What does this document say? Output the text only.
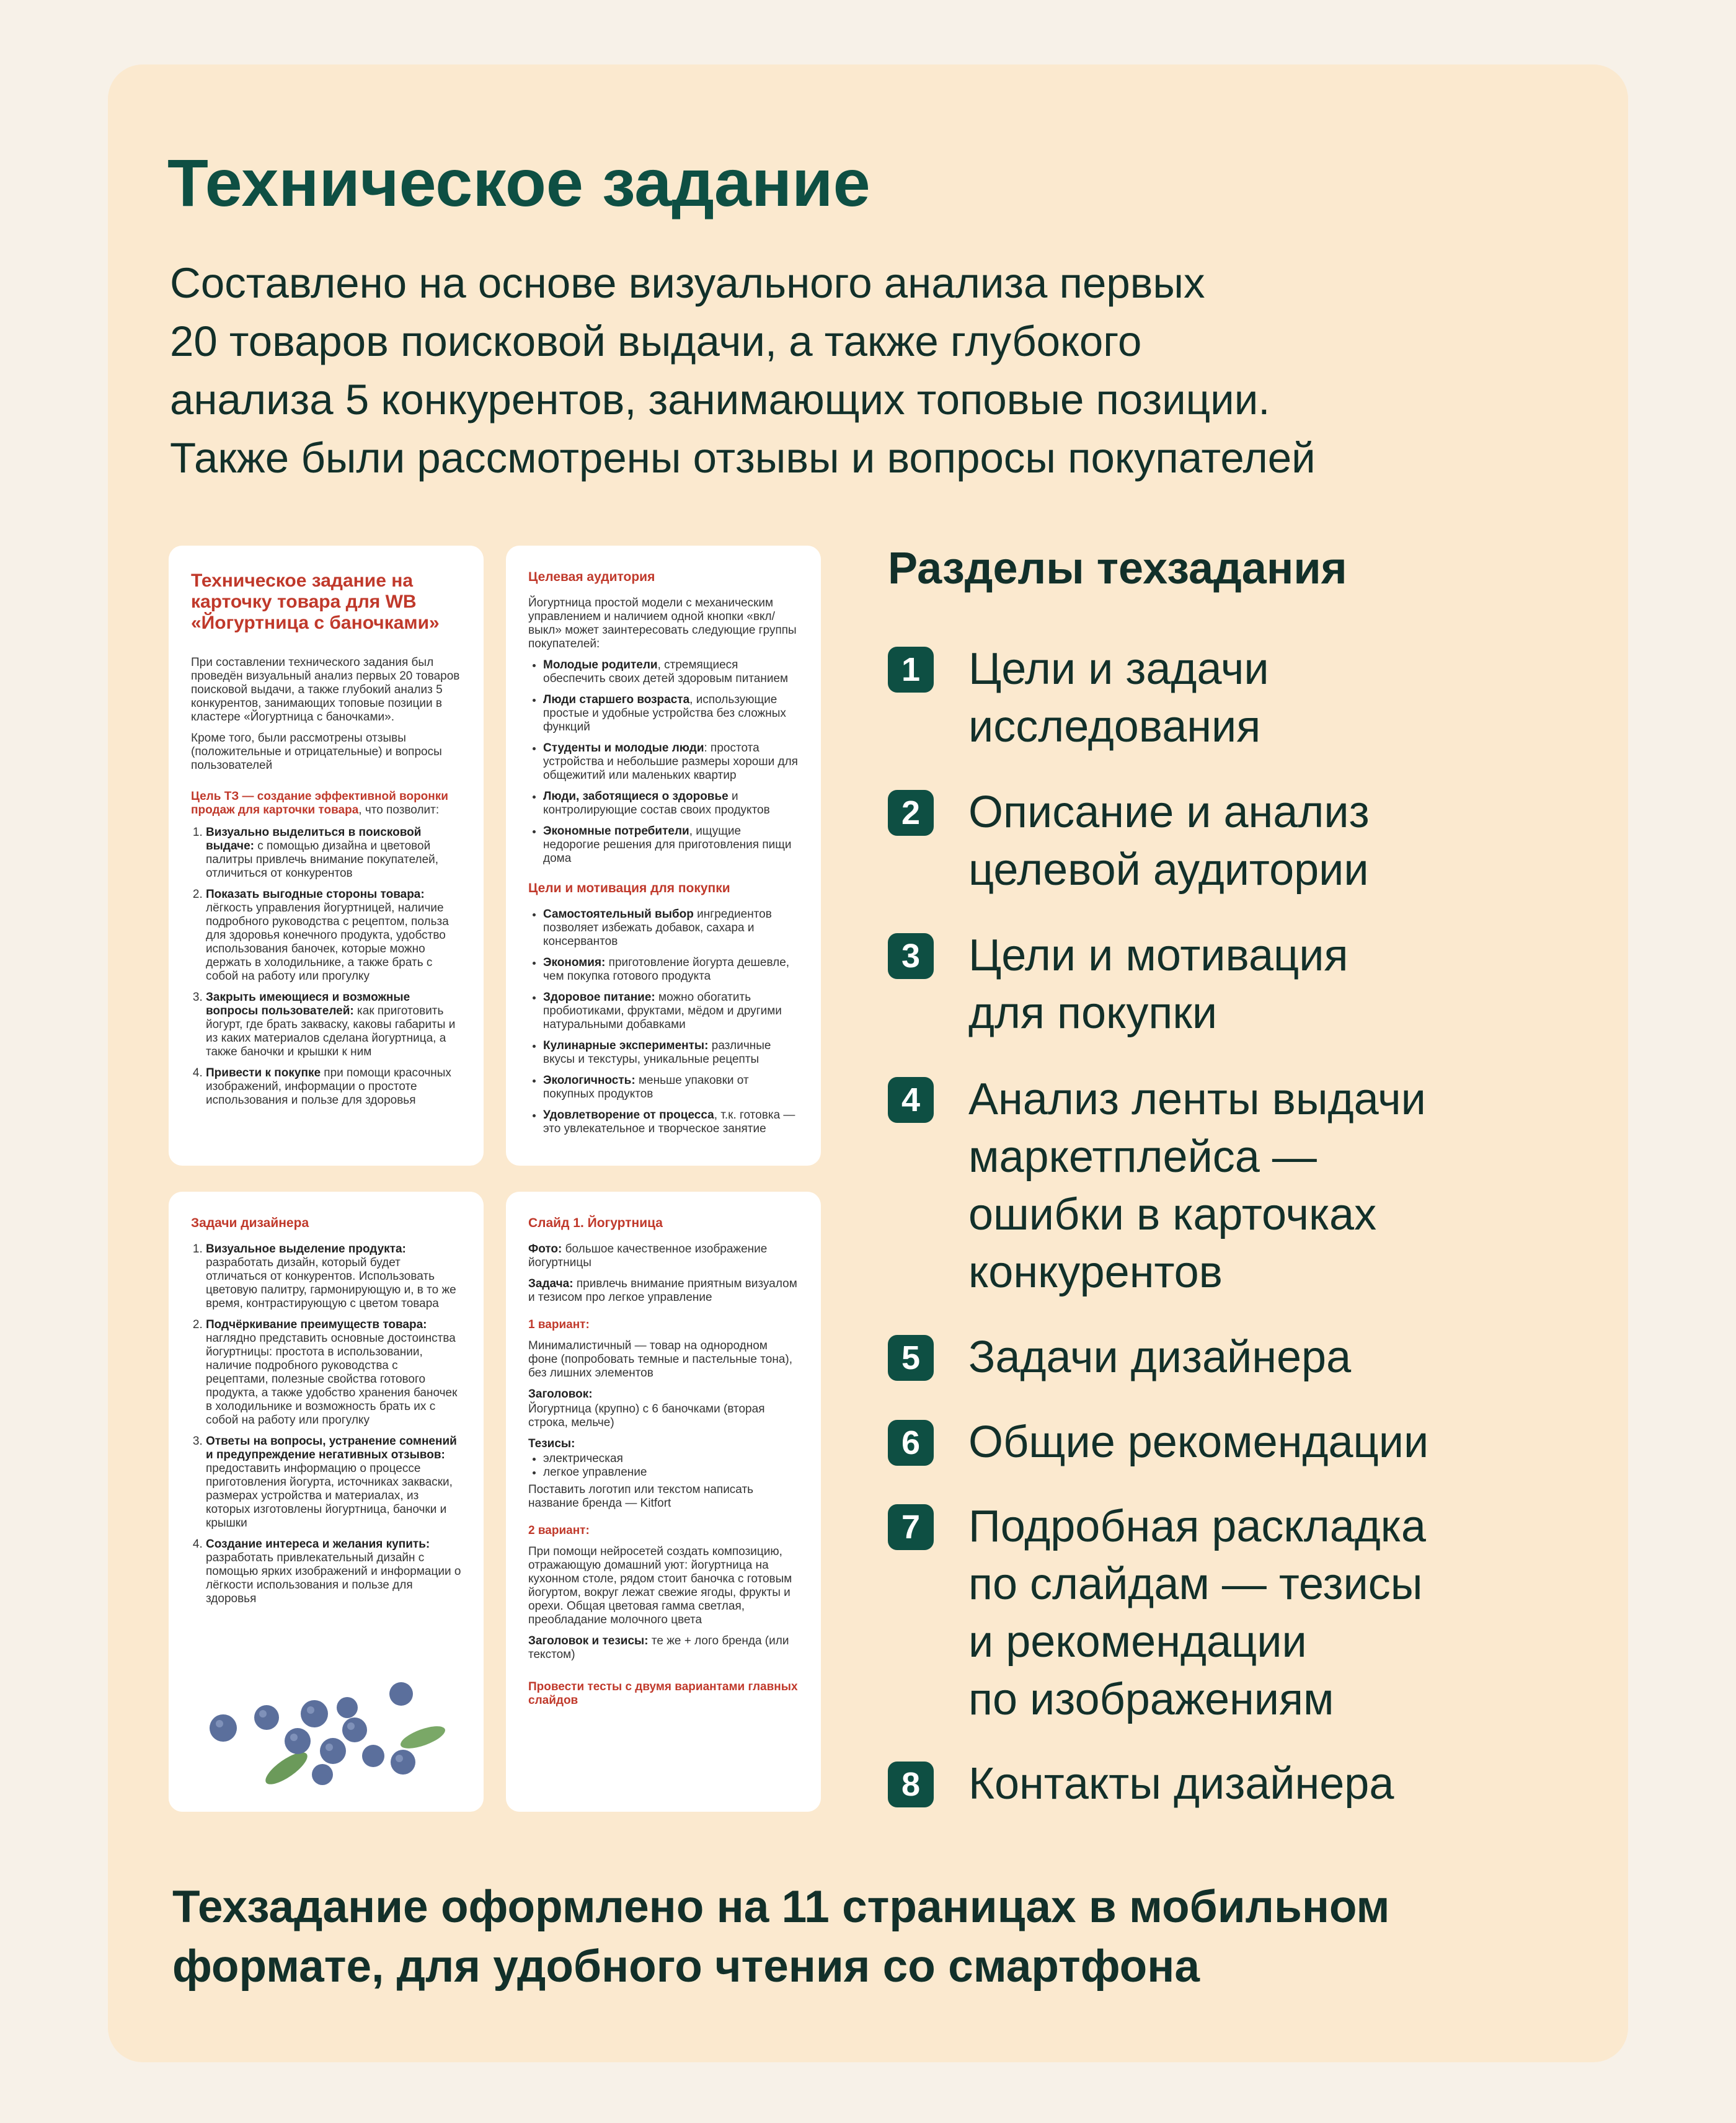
Техническое задание
Составлено на основе визуального анализа первых
20 товаров поисковой выдачи, а также глубокого
анализа 5 конкурентов, занимающих топовые позиции.
Также были рассмотрены отзывы и вопросы покупателей

Техническое задание на карточку товара для WB «Йогуртница с баночками»

При составлении технического задания был проведён визуальный анализ первых 20 товаров поисковой выдачи, а также глубокий анализ 5 конкурентов, занимающих топовые позиции в кластере «Йогуртница с баночками».

Кроме того, были рассмотрены отзывы (положительные и отрицательные) и вопросы пользователей

Цель ТЗ — создание эффективной воронки продаж для карточки товара, что позволит:

1. Визуально выделиться в поисковой выдаче: с помощью дизайна и цветовой палитры привлечь внимание покупателей, отличиться от конкурентов
2. Показать выгодные стороны товара: лёгкость управления йогуртницей, наличие подробного руководства с рецептом, польза для здоровья конечного продукта, удобство использования баночек, которые можно держать в холодильнике, а также брать с собой на работу или прогулку
3. Закрыть имеющиеся и возможные вопросы пользователей: как приготовить йогурт, где брать закваску, каковы габариты и из каких материалов сделана йогуртница, а также баночки и крышки к ним
4. Привести к покупке при помощи красочных изображений, информации о простоте использования и пользе для здоровья

Целевая аудитория

Йогуртница простой модели с механическим управлением и наличием одной кнопки «вкл/выкл» может заинтересовать следующие группы покупателей:

• Молодые родители, стремящиеся обеспечить своих детей здоровым питанием
• Люди старшего возраста, использующие простые и удобные устройства без сложных функций
• Студенты и молодые люди: простота устройства и небольшие размеры хороши для общежитий или маленьких квартир
• Люди, заботящиеся о здоровье и контролирующие состав своих продуктов
• Экономные потребители, ищущие недорогие решения для приготовления пищи дома

Цели и мотивация для покупки

• Самостоятельный выбор ингредиентов позволяет избежать добавок, сахара и консервантов
• Экономия: приготовление йогурта дешевле, чем покупка готового продукта
• Здоровое питание: можно обогатить пробиотиками, фруктами, мёдом и другими натуральными добавками
• Кулинарные эксперименты: различные вкусы и текстуры, уникальные рецепты
• Экологичность: меньше упаковки от покупных продуктов
• Удовлетворение от процесса, т.к. готовка — это увлекательное и творческое занятие

Задачи дизайнера

1. Визуальное выделение продукта: разработать дизайн, который будет отличаться от конкурентов. Использовать цветовую палитру, гармонирующую и, в то же время, контрастирующую с цветом товара
2. Подчёркивание преимуществ товара: наглядно представить основные достоинства йогуртницы: простота в использовании, наличие подробного руководства с рецептами, полезные свойства готового продукта, а также удобство хранения баночек в холодильнике и возможность брать их с собой на работу или прогулку
3. Ответы на вопросы, устранение сомнений и предупреждение негативных отзывов: предоставить информацию о процессе приготовления йогурта, источниках закваски, размерах устройства и материалах, из которых изготовлены йогуртница, баночки и крышки
4. Создание интереса и желания купить: разработать привлекательный дизайн с помощью ярких изображений и информации о лёгкости использования и пользе для здоровья

Слайд 1. Йогуртница

Фото: большое качественное изображение йогуртницы

Задача: привлечь внимание приятным визуалом и тезисом про легкое управление

1 вариант:

Минималистичный — товар на однородном фоне (попробовать темные и пастельные тона), без лишних элементов

Заголовок:

Йогуртница (крупно) с 6 баночками (вторая строка, мельче)

Тезисы:

• электрическая
• легкое управление

Поставить логотип или текстом написать название бренда — Kitfort

2 вариант:

При помощи нейросетей создать композицию, отражающую домашний уют: йогуртница на кухонном столе, рядом стоит баночка с готовым йогуртом, вокруг лежат свежие ягоды, фрукты и орехи. Общая цветовая гамма светлая, преобладание молочного цвета

Заголовок и тезисы: те же + лого бренда (или текстом)

Провести тесты с двумя вариантами главных слайдов

Разделы техзадания
1	Цели и задачи
исследования
2	Описание и анализ
целевой аудитории
3	Цели и мотивация
для покупки
4	Анализ ленты выдачи
маркетплейса —
ошибки в карточках
конкурентов
5	Задачи дизайнера
6	Общие рекомендации
7	Подробная раскладка
по слайдам — тезисы
и рекомендации
по изображениям
8	Контакты дизайнера
Техзадание оформлено на 11 страницах в мобильном
формате, для удобного чтения со смартфона
